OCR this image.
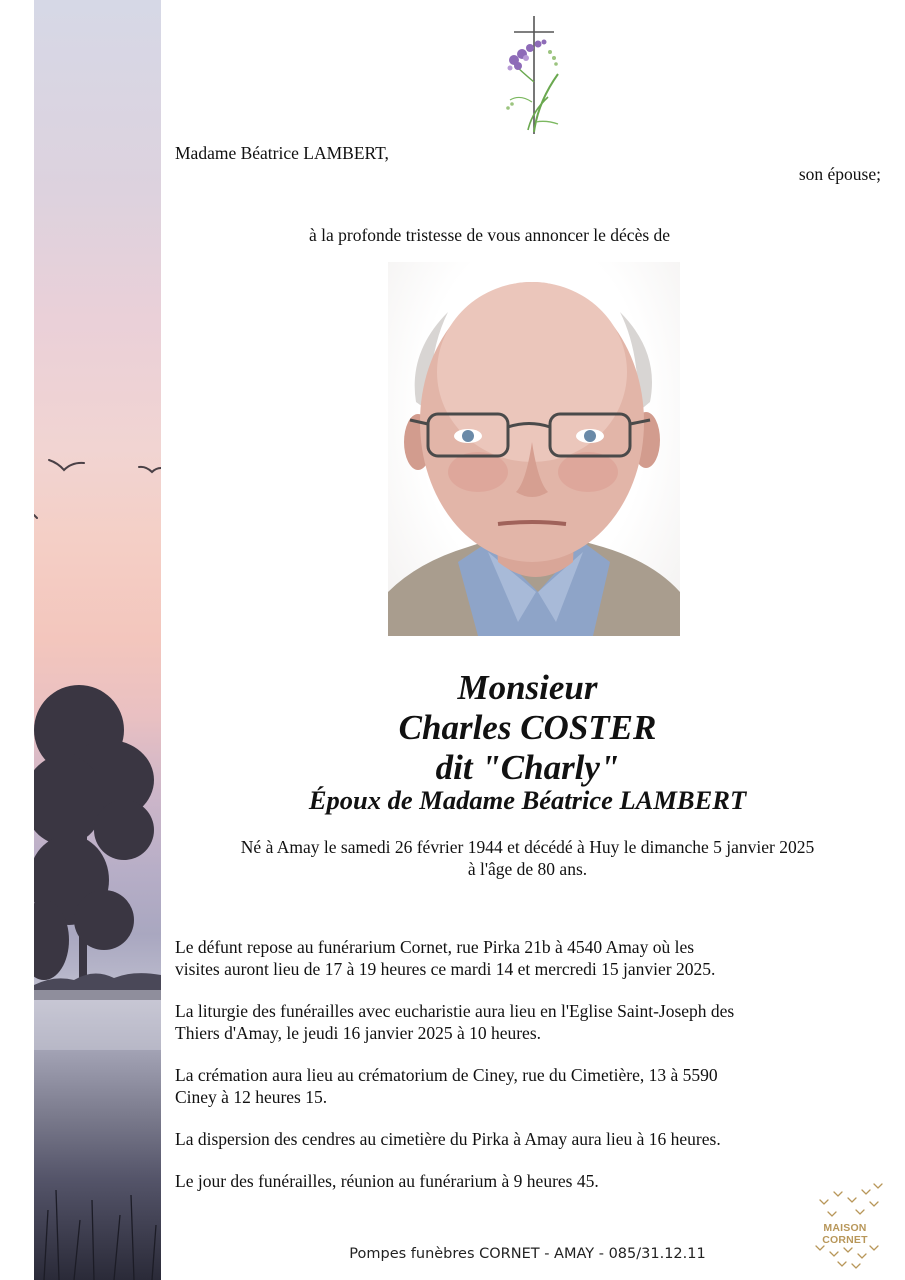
Madame Béatrice LAMBERT,
son épouse;
à la profonde tristesse de vous annoncer le décès de
Monsieur
Charles COSTER
dit "Charly"
Époux de Madame Béatrice LAMBERT
Né à Amay le samedi 26 février 1944 et décédé à Huy le dimanche 5 janvier 2025
à l'âge de 80 ans.
Le défunt repose au funérarium Cornet, rue Pirka 21b à 4540 Amay où les
visites auront lieu de 17 à 19 heures ce mardi 14 et mercredi 15 janvier 2025.
La liturgie des funérailles avec eucharistie aura lieu en l'Eglise Saint-Joseph des
Thiers d'Amay, le jeudi 16 janvier 2025 à 10 heures.
La crémation aura lieu au crématorium de Ciney, rue du Cimetière, 13 à 5590
Ciney à 12 heures 15.
La dispersion des cendres au cimetière du Pirka à Amay aura lieu à 16 heures.
Le jour des funérailles, réunion au funérarium à 9 heures 45.
Pompes funèbres CORNET - AMAY - 085/31.12.11
MAISON CORNET
